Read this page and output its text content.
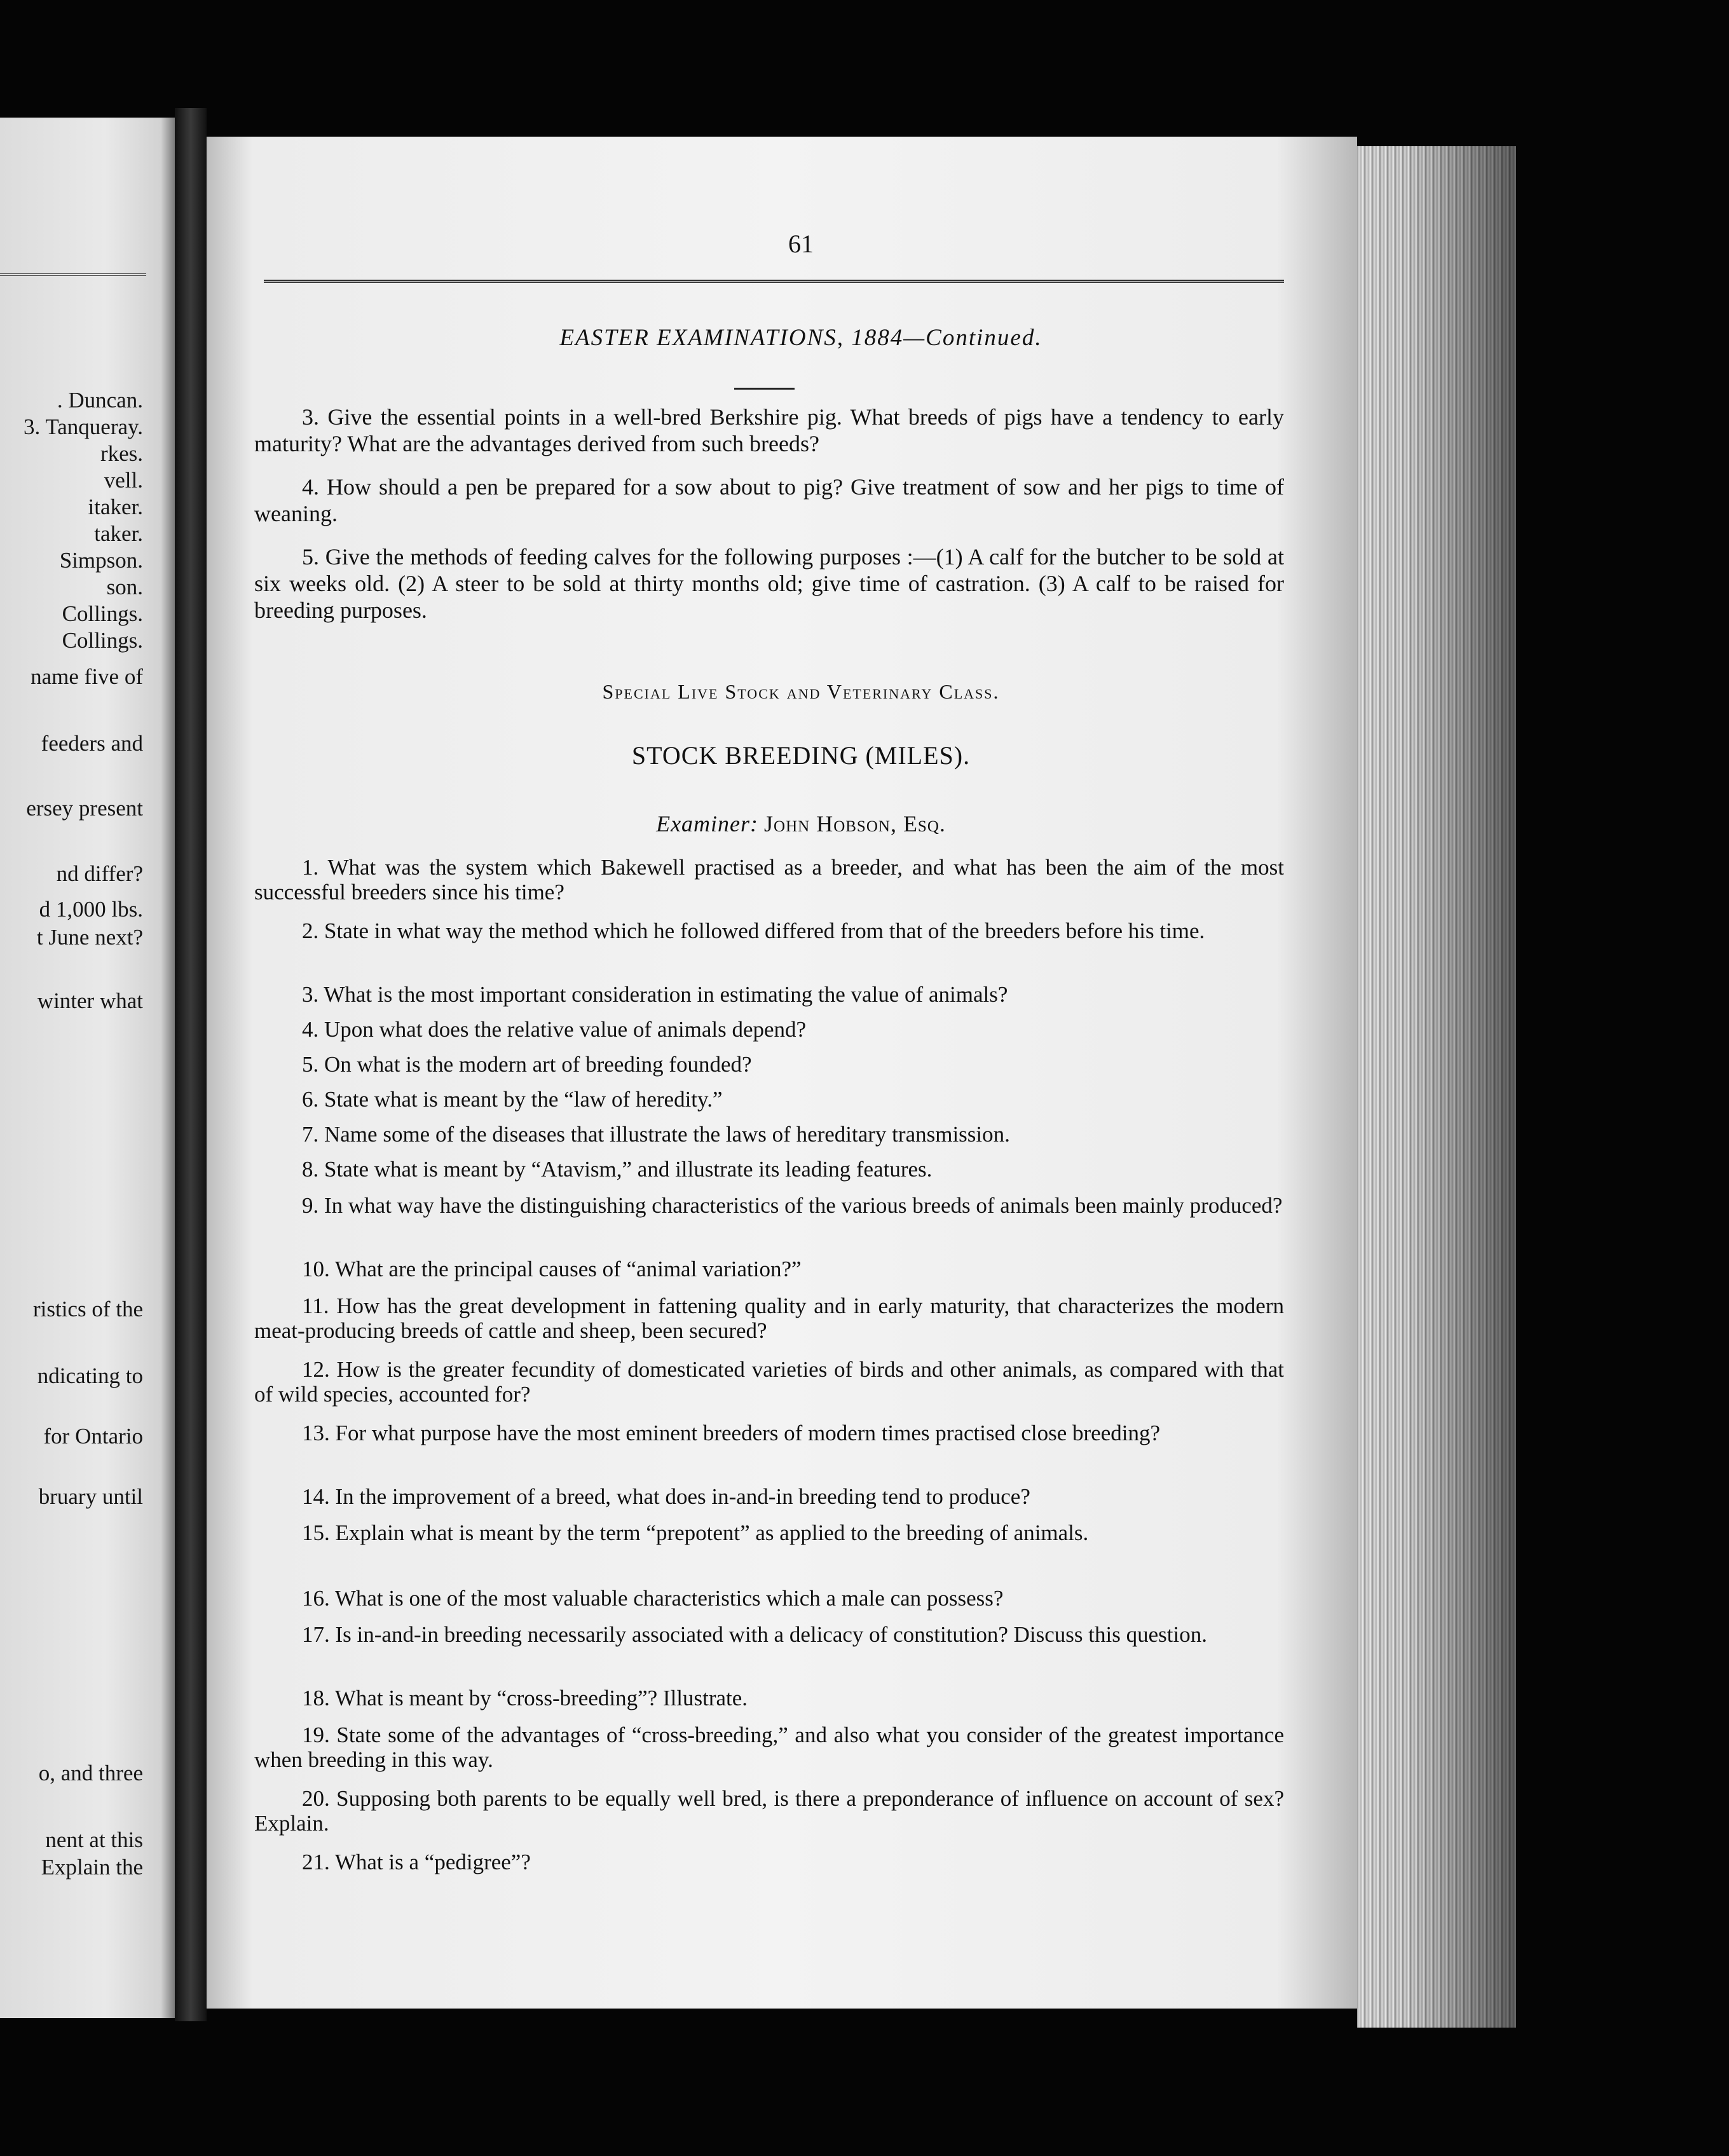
. Duncan.
3. Tanqueray.
rkes.
vell.
itaker.
taker.
Simpson.
son.
Collings.
Collings.
name five of
feeders and
ersey present
nd differ?
d 1,000 lbs.
t June next?
winter what
ristics of the
ndicating to
for Ontario
bruary until
o, and three
nent at this
Explain the
61
EASTER EXAMINATIONS, 1884—Continued.
3. Give the essential points in a well-bred Berkshire pig. What breeds of pigs have a tendency to early maturity? What are the advantages derived from such breeds?
4. How should a pen be prepared for a sow about to pig? Give treatment of sow and her pigs to time of weaning.
5. Give the methods of feeding calves for the following purposes :—(1) A calf for the butcher to be sold at six weeks old. (2) A steer to be sold at thirty months old; give time of castration. (3) A calf to be raised for breeding purposes.
Special Live Stock and Veterinary Class.
STOCK BREEDING (MILES).
Examiner: John Hobson, Esq.
1. What was the system which Bakewell practised as a breeder, and what has been the aim of the most successful breeders since his time?
2. State in what way the method which he followed differed from that of the breeders before his time.
3. What is the most important consideration in estimating the value of animals?
4. Upon what does the relative value of animals depend?
5. On what is the modern art of breeding founded?
6. State what is meant by the “law of heredity.”
7. Name some of the diseases that illustrate the laws of hereditary transmission.
8. State what is meant by “Atavism,” and illustrate its leading features.
9. In what way have the distinguishing characteristics of the various breeds of animals been mainly produced?
10. What are the principal causes of “animal variation?”
11. How has the great development in fattening quality and in early maturity, that characterizes the modern meat-producing breeds of cattle and sheep, been secured?
12. How is the greater fecundity of domesticated varieties of birds and other animals, as compared with that of wild species, accounted for?
13. For what purpose have the most eminent breeders of modern times practised close breeding?
14. In the improvement of a breed, what does in-and-in breeding tend to produce?
15. Explain what is meant by the term “prepotent” as applied to the breeding of animals.
16. What is one of the most valuable characteristics which a male can possess?
17. Is in-and-in breeding necessarily associated with a delicacy of constitution? Discuss this question.
18. What is meant by “cross-breeding”? Illustrate.
19. State some of the advantages of “cross-breeding,” and also what you consider of the greatest importance when breeding in this way.
20. Supposing both parents to be equally well bred, is there a preponderance of influence on account of sex? Explain.
21. What is a “pedigree”?
